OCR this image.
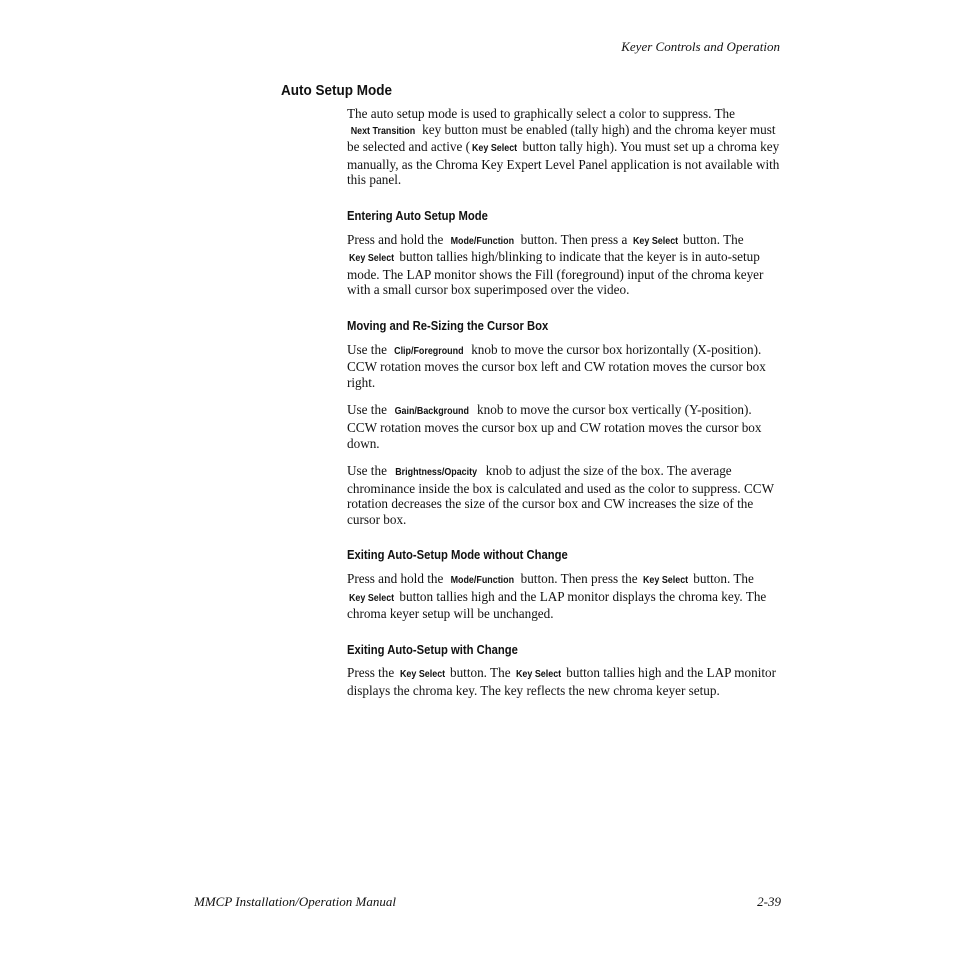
Keyer Controls and Operation
Auto Setup Mode

The auto setup mode is used to graphically select a color to suppress. The Next Transition key button must be enabled (tally high) and the chroma keyer must be selected and active ( Key Select button tally high). You must set up a chroma key manually, as the Chroma Key Expert Level Panel application is not available with this panel.

Entering Auto Setup Mode

Press and hold the Mode/Function button. Then press a Key Select button. The Key Select button tallies high/blinking to indicate that the keyer is in auto-setup mode. The LAP monitor shows the Fill (foreground) input of the chroma keyer with a small cursor box superimposed over the video.

Moving and Re-Sizing the Cursor Box

Use the Clip/Foreground knob to move the cursor box horizontally (X-position). CCW rotation moves the cursor box left and CW rotation moves the cursor box right.

Use the Gain/Background knob to move the cursor box vertically (Y-position). CCW rotation moves the cursor box up and CW rotation moves the cursor box down.

Use the Brightness/Opacity knob to adjust the size of the box. The average chrominance inside the box is calculated and used as the color to suppress. CCW rotation decreases the size of the cursor box and CW increases the size of the cursor box.

Exiting Auto-Setup Mode without Change

Press and hold the Mode/Function button. Then press the Key Select button. The Key Select button tallies high and the LAP monitor displays the chroma key. The chroma keyer setup will be unchanged.

Exiting Auto-Setup with Change

Press the Key Select button. The Key Select button tallies high and the LAP monitor displays the chroma key. The key reflects the new chroma keyer setup.

MMCP Installation/Operation Manual	2-39
